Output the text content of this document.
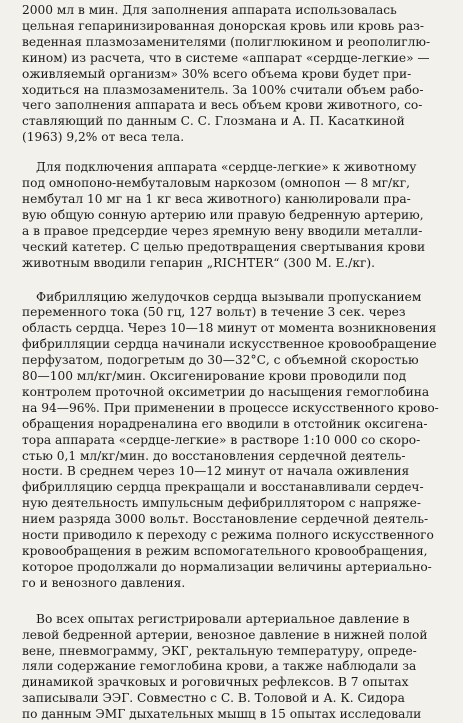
2000 мл в мин. Для заполнения аппарата использовалась
цельная гепаринизированная донорская кровь или кровь раз-
веденная плазмозаменителями (полиглюкином и реополиглю-
кином) из расчета, что в системе «аппарат «сердце-легкие» —
оживляемый организм» 30% всего объема крови будет при-
ходиться на плазмозаменитель. За 100% считали объем рабо-
чего заполнения аппарата и весь объем крови животного, со-
ставляющий по данным С. С. Глозмана и А. П. Касаткиной
(1963) 9,2% от веса тела.
Для подключения аппарата «сердце-легкие» к животному
под омнопоно-нембуталовым наркозом (омнопон — 8 мг/кг,
нембутал 10 мг на 1 кг веса животного) канюлировали пра-
вую общую сонную артерию или правую бедренную артерию,
а в правое предсердие через яремную вену вводили металли-
ческий катетер. С целью предотвращения свертывания крови
животным вводили гепарин „RICHTER“ (300 М. Е./кг).
Фибрилляцию желудочков сердца вызывали пропусканием
переменного тока (50 гц, 127 вольт) в течение 3 сек. через
область сердца. Через 10—18 минут от момента возникновения
фибрилляции сердца начинали искусственное кровообращение
перфузатом, подогретым до 30—32°С, с объемной скоростью
80—100 мл/кг/мин. Оксигенирование крови проводили под
контролем проточной оксиметрии до насыщения гемоглобина
на 94—96%. При применении в процессе искусственного крово-
обращения норадреналина его вводили в отстойник оксигена-
тора аппарата «сердце-легкие» в растворе 1:10 000 со скоро-
стью 0,1 мл/кг/мин. до восстановления сердечной деятель-
ности. В среднем через 10—12 минут от начала оживления
фибрилляцию сердца прекращали и восстанавливали сердеч-
ную деятельность импульсным дефибриллятором с напряже-
нием разряда 3000 вольт. Восстановление сердечной деятель-
ности приводило к переходу с режима полного искусственного
кровообращения в режим вспомогательного кровообращения,
которое продолжали до нормализации величины артериально-
го и венозного давления.
Во всех опытах регистрировали артериальное давление в
левой бедренной артерии, венозное давление в нижней полой
вене, пневмограмму, ЭКГ, ректальную температуру, опреде-
ляли содержание гемоглобина крови, а также наблюдали за
динамикой зрачковых и роговичных рефлексов. В 7 опытах
записывали ЭЭГ. Совместно с С. В. Толовой и А. К. Сидора
по данным ЭМГ дыхательных мышц в 15 опытах исследовали
